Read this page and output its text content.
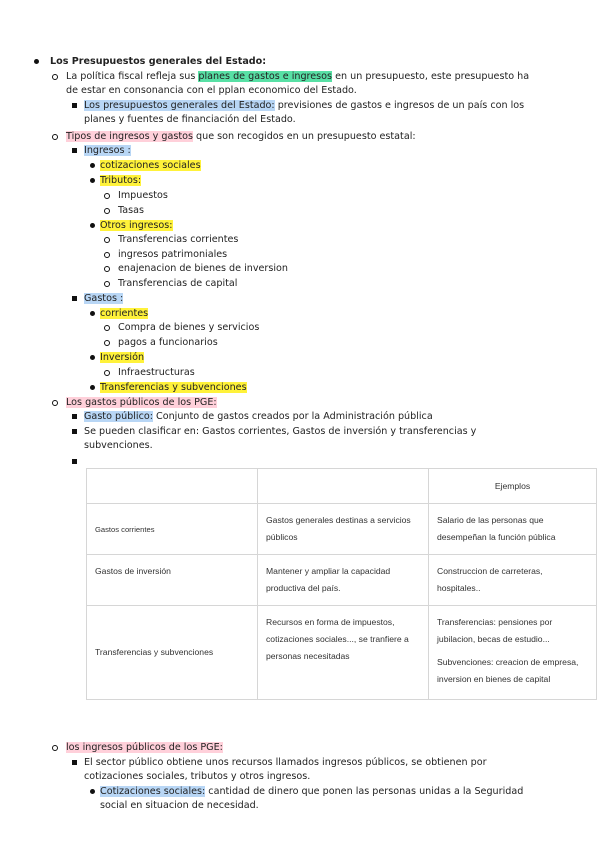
Los Presupuestos generales del Estado:
La política fiscal refleja sus planes de gastos e ingresos en un presupuesto, este presupuesto ha
de estar en consonancia con el pplan economico del Estado.
Los presupuestos generales del Estado: previsiones de gastos e ingresos de un país con los
planes y fuentes de financiación del Estado.
Tipos de ingresos y gastos que son recogidos en un presupuesto estatal:
Ingresos :
cotizaciones sociales
Tributos:
Impuestos
Tasas
Otros ingresos:
Transferencias corrientes
ingresos patrimoniales
enajenacion de bienes de inversion
Transferencias de capital
Gastos :
corrientes
Compra de bienes y servicios
pagos a funcionarios
Inversión
Infraestructuras
Transferencias y subvenciones
Los gastos públicos de los PGE:
Gasto público: Conjunto de gastos creados por la Administración pública
Se pueden clasificar en: Gastos corrientes, Gastos de inversión y transferencias y
subvenciones.
		Ejemplos
Gastos corrientes	Gastos generales destinas a servicios públicos	Salario de las personas que desempeñan la función pública
Gastos de inversión	Mantener y ampliar la capacidad productiva del país.	Construccion de carreteras, hospitales..
Transferencias y subvenciones	Recursos en forma de impuestos, cotizaciones sociales..., se tranfiere a personas necesitadas	Transferencias: pensiones por jubilacion, becas de estudio...
Subvenciones: creacion de empresa, inversion en bienes de capital
los ingresos públicos de los PGE:
El sector público obtiene unos recursos llamados ingresos públicos, se obtienen por
cotizaciones sociales, tributos y otros ingresos.
Cotizaciones sociales: cantidad de dinero que ponen las personas unidas a la Seguridad
social en situacion de necesidad.
